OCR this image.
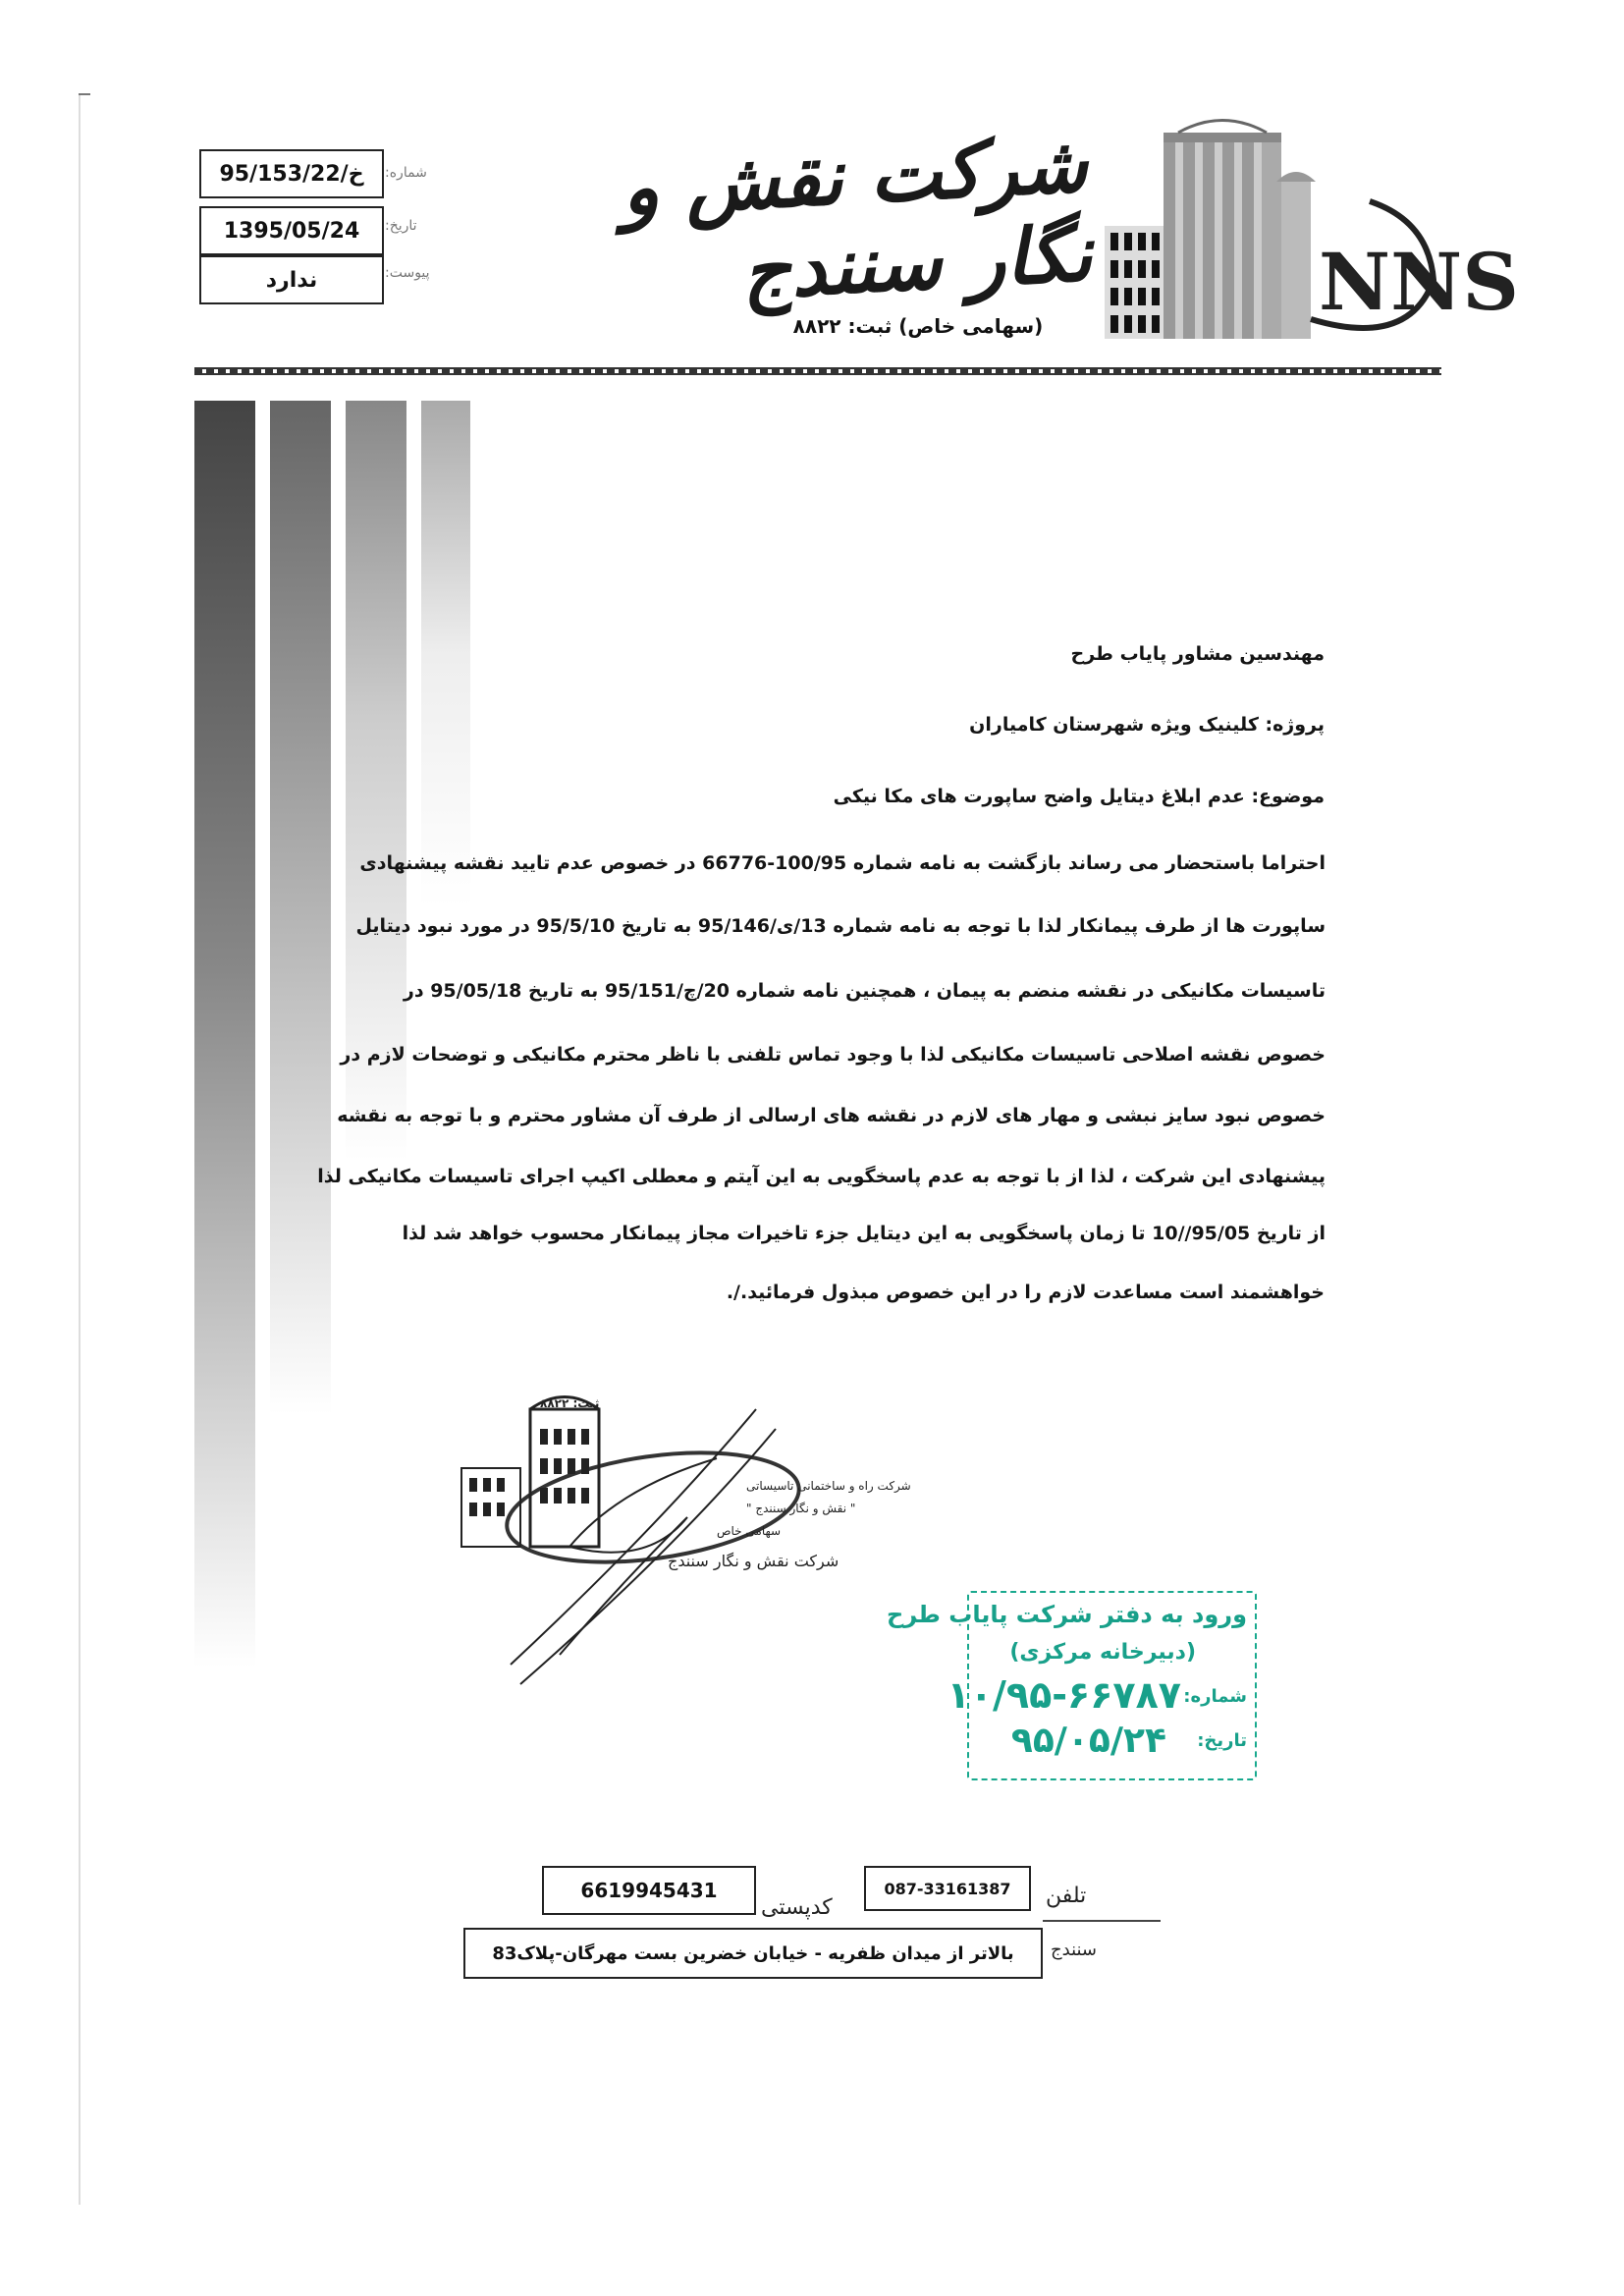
95/153/خ/22	شماره:
1395/05/24	تاریخ:
ندارد	پیوست:
شرکت نقش و نگار سنندج
(سهامی خاص) ثبت: ۸۸۲۲	NNS
مهندسین مشاور پایاب طرح
پروژه: کلینیک ویژه شهرستان کامیاران
موضوع: عدم ابلاغ دیتایل واضح ساپورت های مکا نیکی
احتراما باستحضار می رساند بازگشت به نامه شماره 100/95-66776 در خصوص عدم تایید نقشه پیشنهادی
ساپورت ها از طرف پیمانکار لذا با توجه به نامه شماره 13/ی/95/146 به تاریخ 95/5/10 در مورد نبود دیتایل
تاسیسات مکانیکی در نقشه منضم به پیمان ، همچنین نامه شماره 20/چ/95/151 به تاریخ 95/05/18 در
خصوص نقشه اصلاحی تاسیسات مکانیکی لذا با وجود تماس تلفنی با ناظر محترم مکانیکی و توضحات لازم در
خصوص نبود سایز نبشی و مهار های لازم در نقشه های ارسالی از طرف آن مشاور محترم و با توجه به نقشه
پیشنهادی این شرکت ، لذا از با توجه به عدم پاسخگویی به این آیتم و معطلی اکیپ اجرای تاسیسات مکانیکی لذا
از تاریخ 95/05//10 تا زمان پاسخگویی به این دیتایل جزء تاخیرات مجاز پیمانکار محسوب خواهد شد لذا
خواهشمند است مساعدت لازم را در این خصوص مبذول فرمائید./.
ثبت: ۸۸۲۲
شرکت راه و ساختمانی تاسیساتی
" نقش و نگار سنندج "
سهامی خاص
شرکت نقش و نگار سنندج
ورود به دفتر شرکت پایاب طرح
(دبیرخانه مرکزی)
شماره:
۱۰/۹۵-۶۶۷۸۷
تاریخ:
۹۵/۰۵/۲۴
6619945431
کدپستی
087-33161387	تلفن
بالاتر از میدان ظفریه - خیابان خضرین بست مهرگان-پلاک83	سنندج
